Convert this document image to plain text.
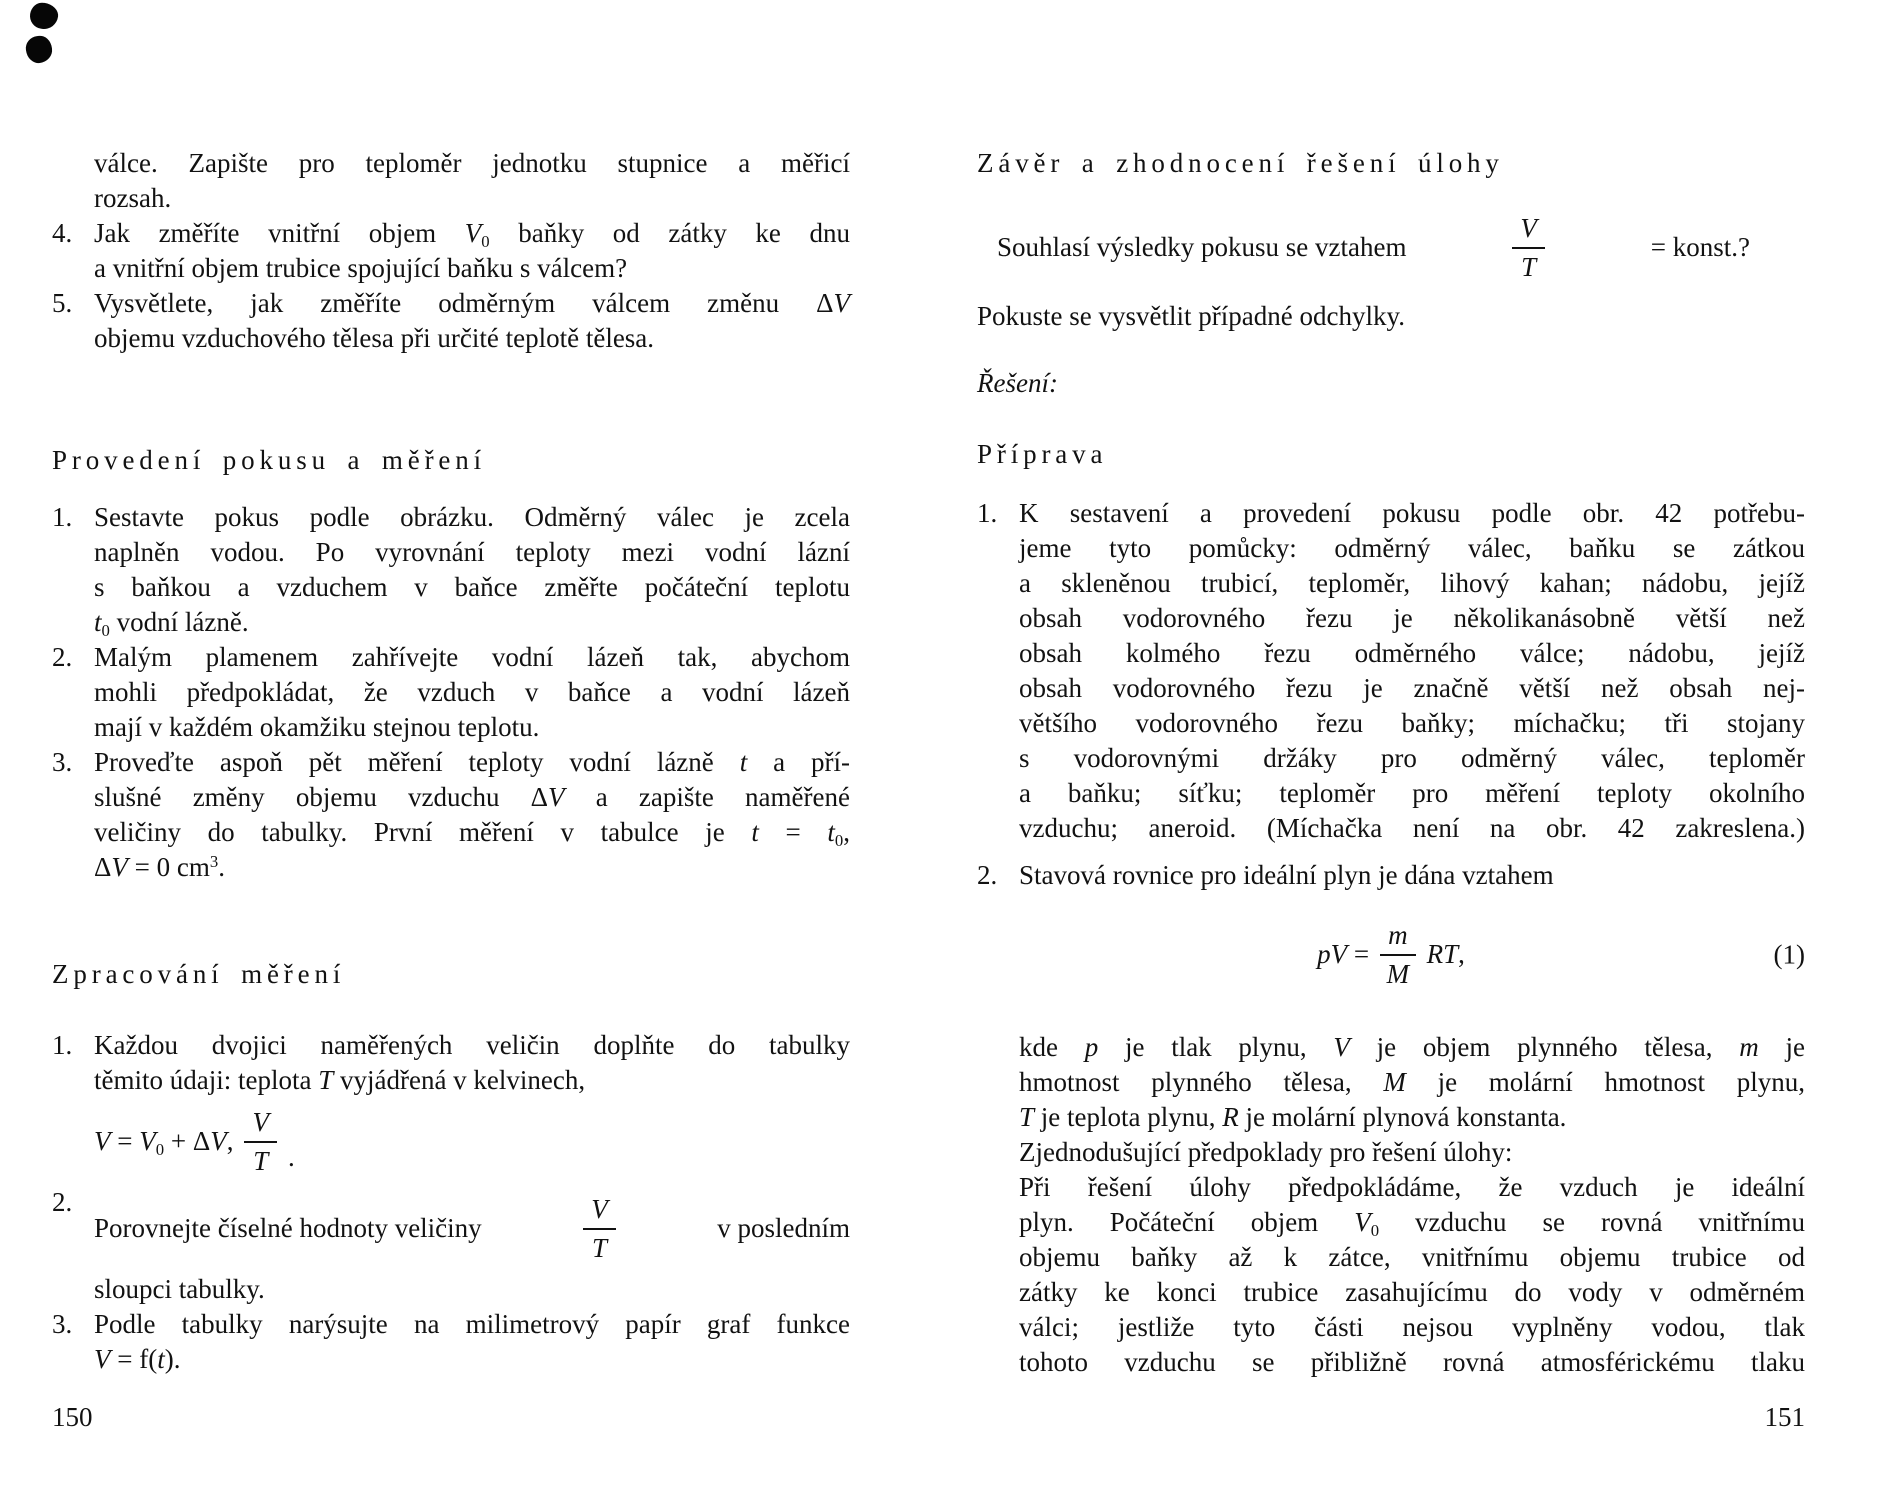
válce. Zapište pro teploměr jednotku stupnice a měřicí
rozsah.
4. Jak změříte vnitřní objem $V_0$ baňky od zátky ke dnu
a vnitřní objem trubice spojující baňku s válcem?
5. Vysvětlete, jak změříte odměrným válcem změnu ΔV
objemu vzduchového tělesa při určité teplotě tělesa.
Provedení pokusu a měření
1. Sestavte pokus podle obrázku. Odměrný válec je zcela
naplněn vodou. Po vyrovnání teploty mezi vodní lázní
s baňkou a vzduchem v baňce změřte počáteční teplotu
$t_0$ vodní lázně.
2. Malým plamenem zahřívejte vodní lázeň tak, abychom
mohli předpokládat, že vzduch v baňce a vodní lázeň
mají v každém okamžiku stejnou teplotu.
3. Proveďte aspoň pět měření teploty vodní lázně t a pří-
slušné změny objemu vzduchu ΔV a zapište naměřené
veličiny do tabulky. První měření v tabulce je $t = t_0$,
ΔV = 0 $cm^3$.
Zpracování měření
1. Každou dvojici naměřených veličin doplňte do tabulky
těmito údaji: teplota T vyjádřená v kelvinech,
$V = V_0 + \Delta V$, $\frac{V}{T}$ .
2.
Porovnejte číselné hodnoty veličiny	$\frac{V}{T}$	v posledním
sloupci tabulky.
3. Podle tabulky narýsujte na milimetrový papír graf funkce
V = f(t).
Závěr a zhodnocení řešení úlohy
Souhlasí výsledky pokusu se vztahem	$\frac{V}{T}$	= konst.?
Pokuste se vysvětlit případné odchylky.
Řešení:
Příprava
1. K sestavení a provedení pokusu podle obr. 42 potřebu-
jeme tyto pomůcky: odměrný válec, baňku se zátkou
a skleněnou trubicí, teploměr, lihový kahan; nádobu, jejíž
obsah vodorovného řezu je několikanásobně větší než
obsah kolmého řezu odměrného válce; nádobu, jejíž
obsah vodorovného řezu je značně větší než obsah nej-
většího vodorovného řezu baňky; míchačku; tři stojany
s vodorovnými držáky pro odměrný válec, teploměr
a baňku; síťku; teploměr pro měření teploty okolního
vzduchu; aneroid. (Míchačka není na obr. 42 zakreslena.)
2. Stavová rovnice pro ideální plyn je dána vztahem
pV = $\frac{m}{M}$ RT,	(1)
kde p je tlak plynu, V je objem plynného tělesa, m je
hmotnost plynného tělesa, M je molární hmotnost plynu,
T je teplota plynu, R je molární plynová konstanta.
Zjednodušující předpoklady pro řešení úlohy:
Při řešení úlohy předpokládáme, že vzduch je ideální
plyn. Počáteční objem $V_0$ vzduchu se rovná vnitřnímu
objemu baňky až k zátce, vnitřnímu objemu trubice od
zátky ke konci trubice zasahujícímu do vody v odměrném
válci; jestliže tyto části nejsou vyplněny vodou, tlak
tohoto vzduchu se přibližně rovná atmosférickému tlaku
150	151
